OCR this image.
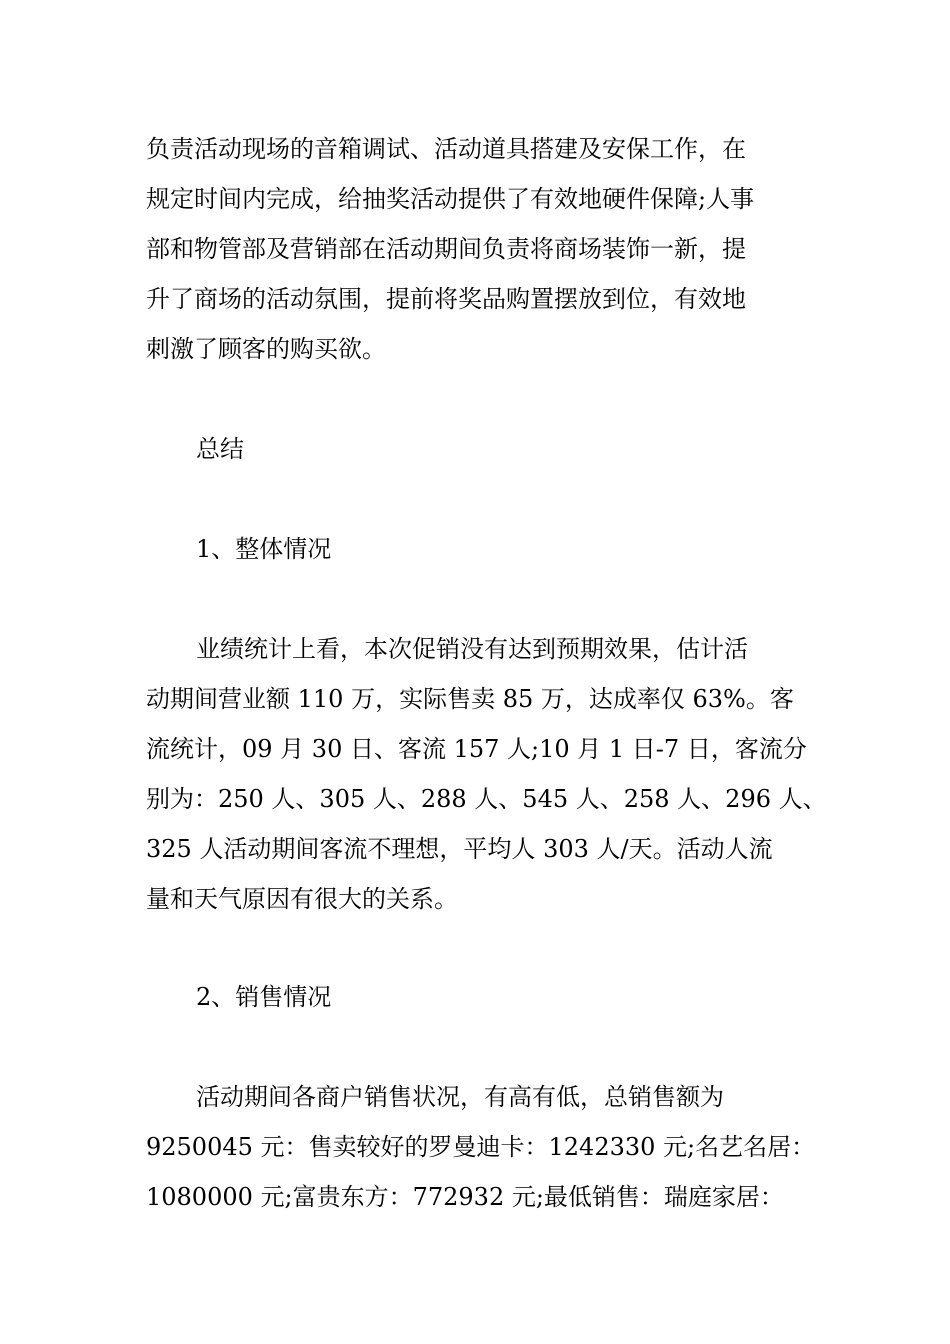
负责活动现场的音箱调试、活动道具搭建及安保工作，在
规定时间内完成，给抽奖活动提供了有效地硬件保障;人事
部和物管部及营销部在活动期间负责将商场装饰一新，提
升了商场的活动氛围，提前将奖品购置摆放到位，有效地
刺激了顾客的购买欲。
总结
1、整体情况
业绩统计上看，本次促销没有达到预期效果，估计活
动期间营业额 110 万，实际售卖 85 万，达成率仅 63%。客
流统计，09 月 30 日、客流 157 人;10 月 1 日-7 日，客流分
别为：250 人、305 人、288 人、545 人、258 人、296 人、
325 人活动期间客流不理想，平均人 303 人/天。活动人流
量和天气原因有很大的关系。
2、销售情况
活动期间各商户销售状况，有高有低，总销售额为
9250045 元：售卖较好的罗曼迪卡：1242330 元;名艺名居：
1080000 元;富贵东方：772932 元;最低销售：瑞庭家居：
